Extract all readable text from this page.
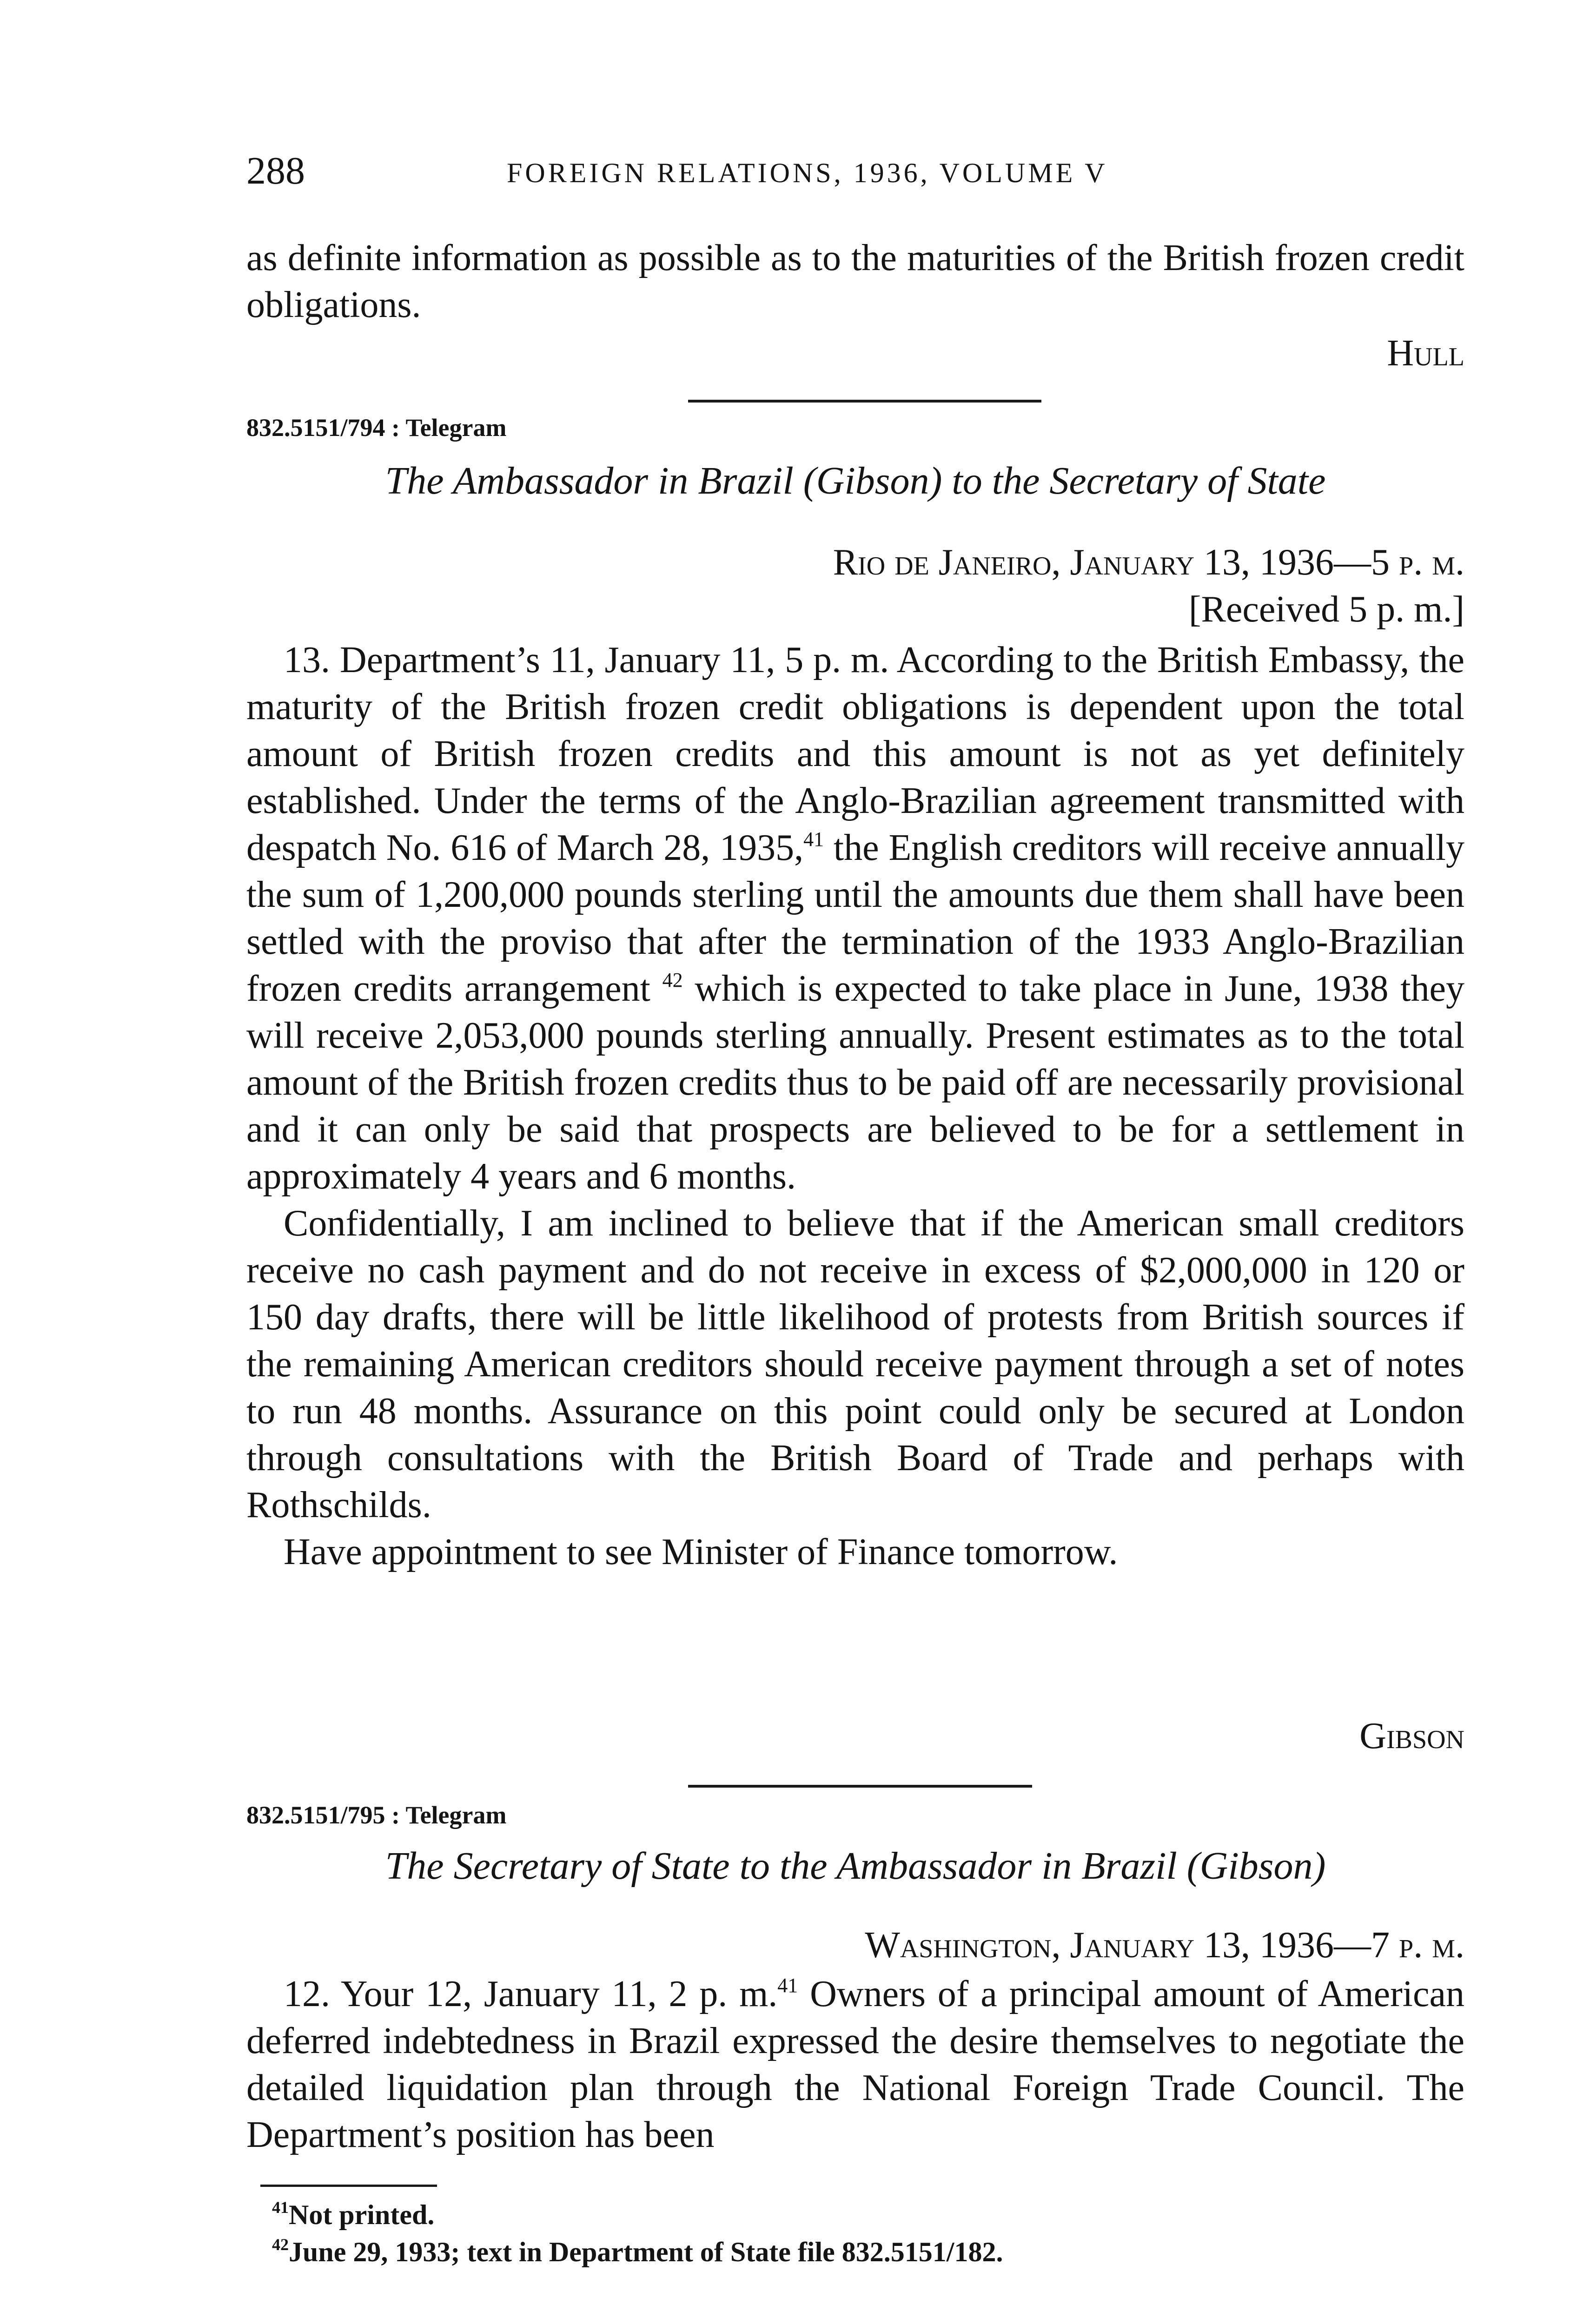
288	FOREIGN RELATIONS, 1936, VOLUME V

as definite information as possible as to the maturities of the British frozen credit obligations.

Hull

832.5151/794 : Telegram

The Ambassador in Brazil (Gibson) to the Secretary of State

Rio de Janeiro, January 13, 1936—5 p. m.

[Received 5 p. m.]

13. Department’s 11, January 11, 5 p. m. According to the British Embassy, the maturity of the British frozen credit obligations is dependent upon the total amount of British frozen credits and this amount is not as yet definitely established. Under the terms of the Anglo-Brazilian agreement transmitted with despatch No. 616 of March 28, 1935,41 the English creditors will receive annually the sum of 1,200,000 pounds sterling until the amounts due them shall have been settled with the proviso that after the termination of the 1933 Anglo-Brazilian frozen credits arrangement $^{42}$ which is expected to take place in June, 1938 they will receive 2,053,000 pounds sterling annually. Present estimates as to the total amount of the British frozen credits thus to be paid off are necessarily provisional and it can only be said that prospects are believed to be for a settlement in approximately 4 years and 6 months.

Confidentially, I am inclined to believe that if the American small creditors receive no cash payment and do not receive in excess of $2,000,000 in 120 or 150 day drafts, there will be little likelihood of protests from British sources if the remaining American creditors should receive payment through a set of notes to run 48 months. Assurance on this point could only be secured at London through consultations with the British Board of Trade and perhaps with Rothschilds.

Have appointment to see Minister of Finance tomorrow.

Gibson

832.5151/795 : Telegram

The Secretary of State to the Ambassador in Brazil (Gibson)

Washington, January 13, 1936—7 p. m.

12. Your 12, January 11, 2 p. m.$^{41}$ Owners of a principal amount of American deferred indebtedness in Brazil expressed the desire themselves to negotiate the detailed liquidation plan through the National Foreign Trade Council. The Department’s position has been

$^{41}$Not printed.

$^{42}$June 29, 1933; text in Department of State file 832.5151/182.
